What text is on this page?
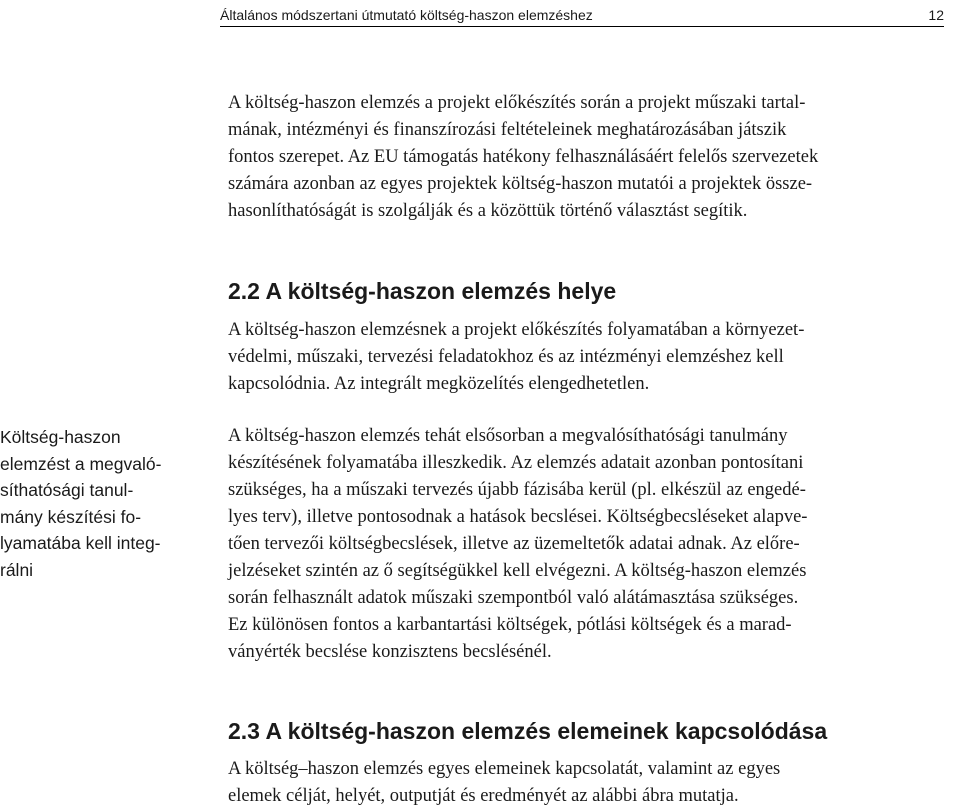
Általános módszertani útmutató költség-haszon elemzéshez	12
A költség-haszon elemzés a projekt előkészítés során a projekt műszaki tartal-
mának, intézményi és finanszírozási feltételeinek meghatározásában játszik
fontos szerepet. Az EU támogatás hatékony felhasználásáért felelős szervezetek
számára azonban az egyes projektek költség-haszon mutatói a projektek össze-
hasonlíthatóságát is szolgálják és a közöttük történő választást segítik.
2.2 A költség-haszon elemzés helye
A költség-haszon elemzésnek a projekt előkészítés folyamatában a környezet-
védelmi, műszaki, tervezési feladatokhoz és az intézményi elemzéshez kell
kapcsolódnia. Az integrált megközelítés elengedhetetlen.
Költség-haszon
elemzést a megvaló-
síthatósági tanul-
mány készítési fo-
lyamatába kell integ-
rálni
A költség-haszon elemzés tehát elsősorban a megvalósíthatósági tanulmány
készítésének folyamatába illeszkedik. Az elemzés adatait azonban pontosítani
szükséges, ha a műszaki tervezés újabb fázisába kerül (pl. elkészül az engedé-
lyes terv), illetve pontosodnak a hatások becslései. Költségbecsléseket alapve-
tően tervezői költségbecslések, illetve az üzemeltetők adatai adnak. Az előre-
jelzéseket szintén az ő segítségükkel kell elvégezni. A költség-haszon elemzés
során felhasznált adatok műszaki szempontból való alátámasztása szükséges.
Ez különösen fontos a karbantartási költségek, pótlási költségek és a marad-
ványérték becslése konzisztens becslésénél.
2.3 A költség-haszon elemzés elemeinek kapcsolódása
A költség–haszon elemzés egyes elemeinek kapcsolatát, valamint az egyes
elemek célját, helyét, outputját és eredményét az alábbi ábra mutatja.
